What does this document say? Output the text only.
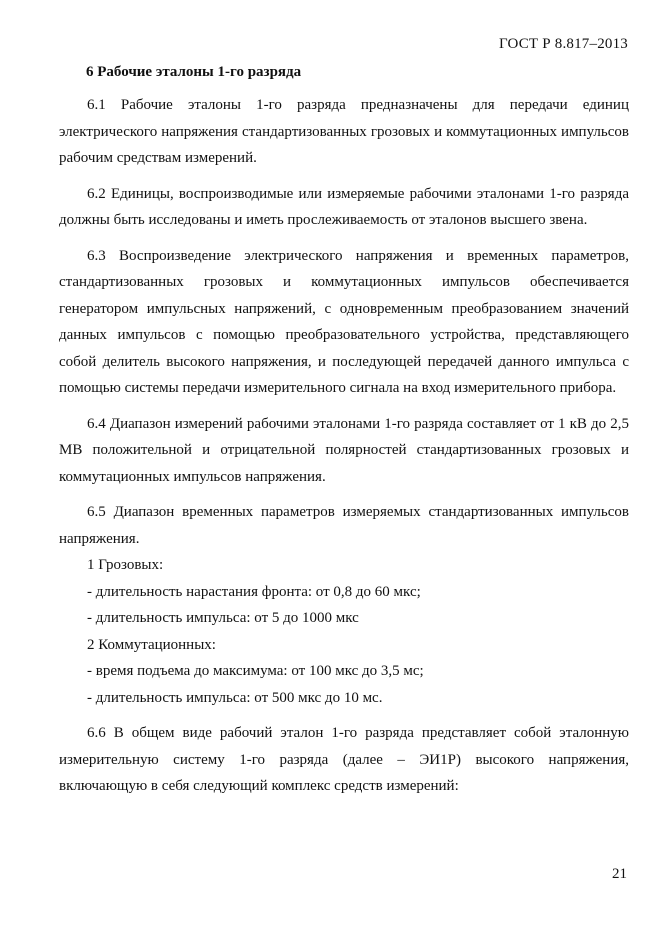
ГОСТ Р 8.817–2013
6 Рабочие эталоны 1-го разряда

6.1 Рабочие эталоны 1-го разряда предназначены для передачи единиц электрического напряжения стандартизованных грозовых и коммутационных импульсов рабочим средствам измерений.

6.2 Единицы, воспроизводимые или измеряемые рабочими эталонами 1-го разряда должны быть исследованы и иметь прослеживаемость от эталонов высшего звена.

6.3 Воспроизведение электрического напряжения и временных параметров, стандартизованных грозовых и коммутационных импульсов обеспечивается генератором импульсных напряжений, с одновременным преобразованием значений данных импульсов с помощью преобразовательного устройства, представляющего собой делитель высокого напряжения, и последующей передачей данного импульса с помощью системы передачи измерительного сигнала на вход измерительного прибора.

6.4 Диапазон измерений рабочими эталонами 1-го разряда составляет от 1 кВ до 2,5 МВ положительной и отрицательной полярностей стандартизованных грозовых и коммутационных импульсов напряжения.

6.5 Диапазон временных параметров измеряемых стандартизованных импульсов напряжения.

1 Грозовых:

- длительность нарастания фронта: от 0,8 до 60 мкс;

- длительность импульса: от 5 до 1000 мкс

2 Коммутационных:

- время подъема до максимума: от 100 мкс до 3,5 мс;

- длительность импульса: от 500 мкс до 10 мс.

6.6 В общем виде рабочий эталон 1-го разряда представляет собой эталонную измерительную систему 1-го разряда (далее – ЭИ1Р) высокого напряжения, включающую в себя следующий комплекс средств измерений:

21
